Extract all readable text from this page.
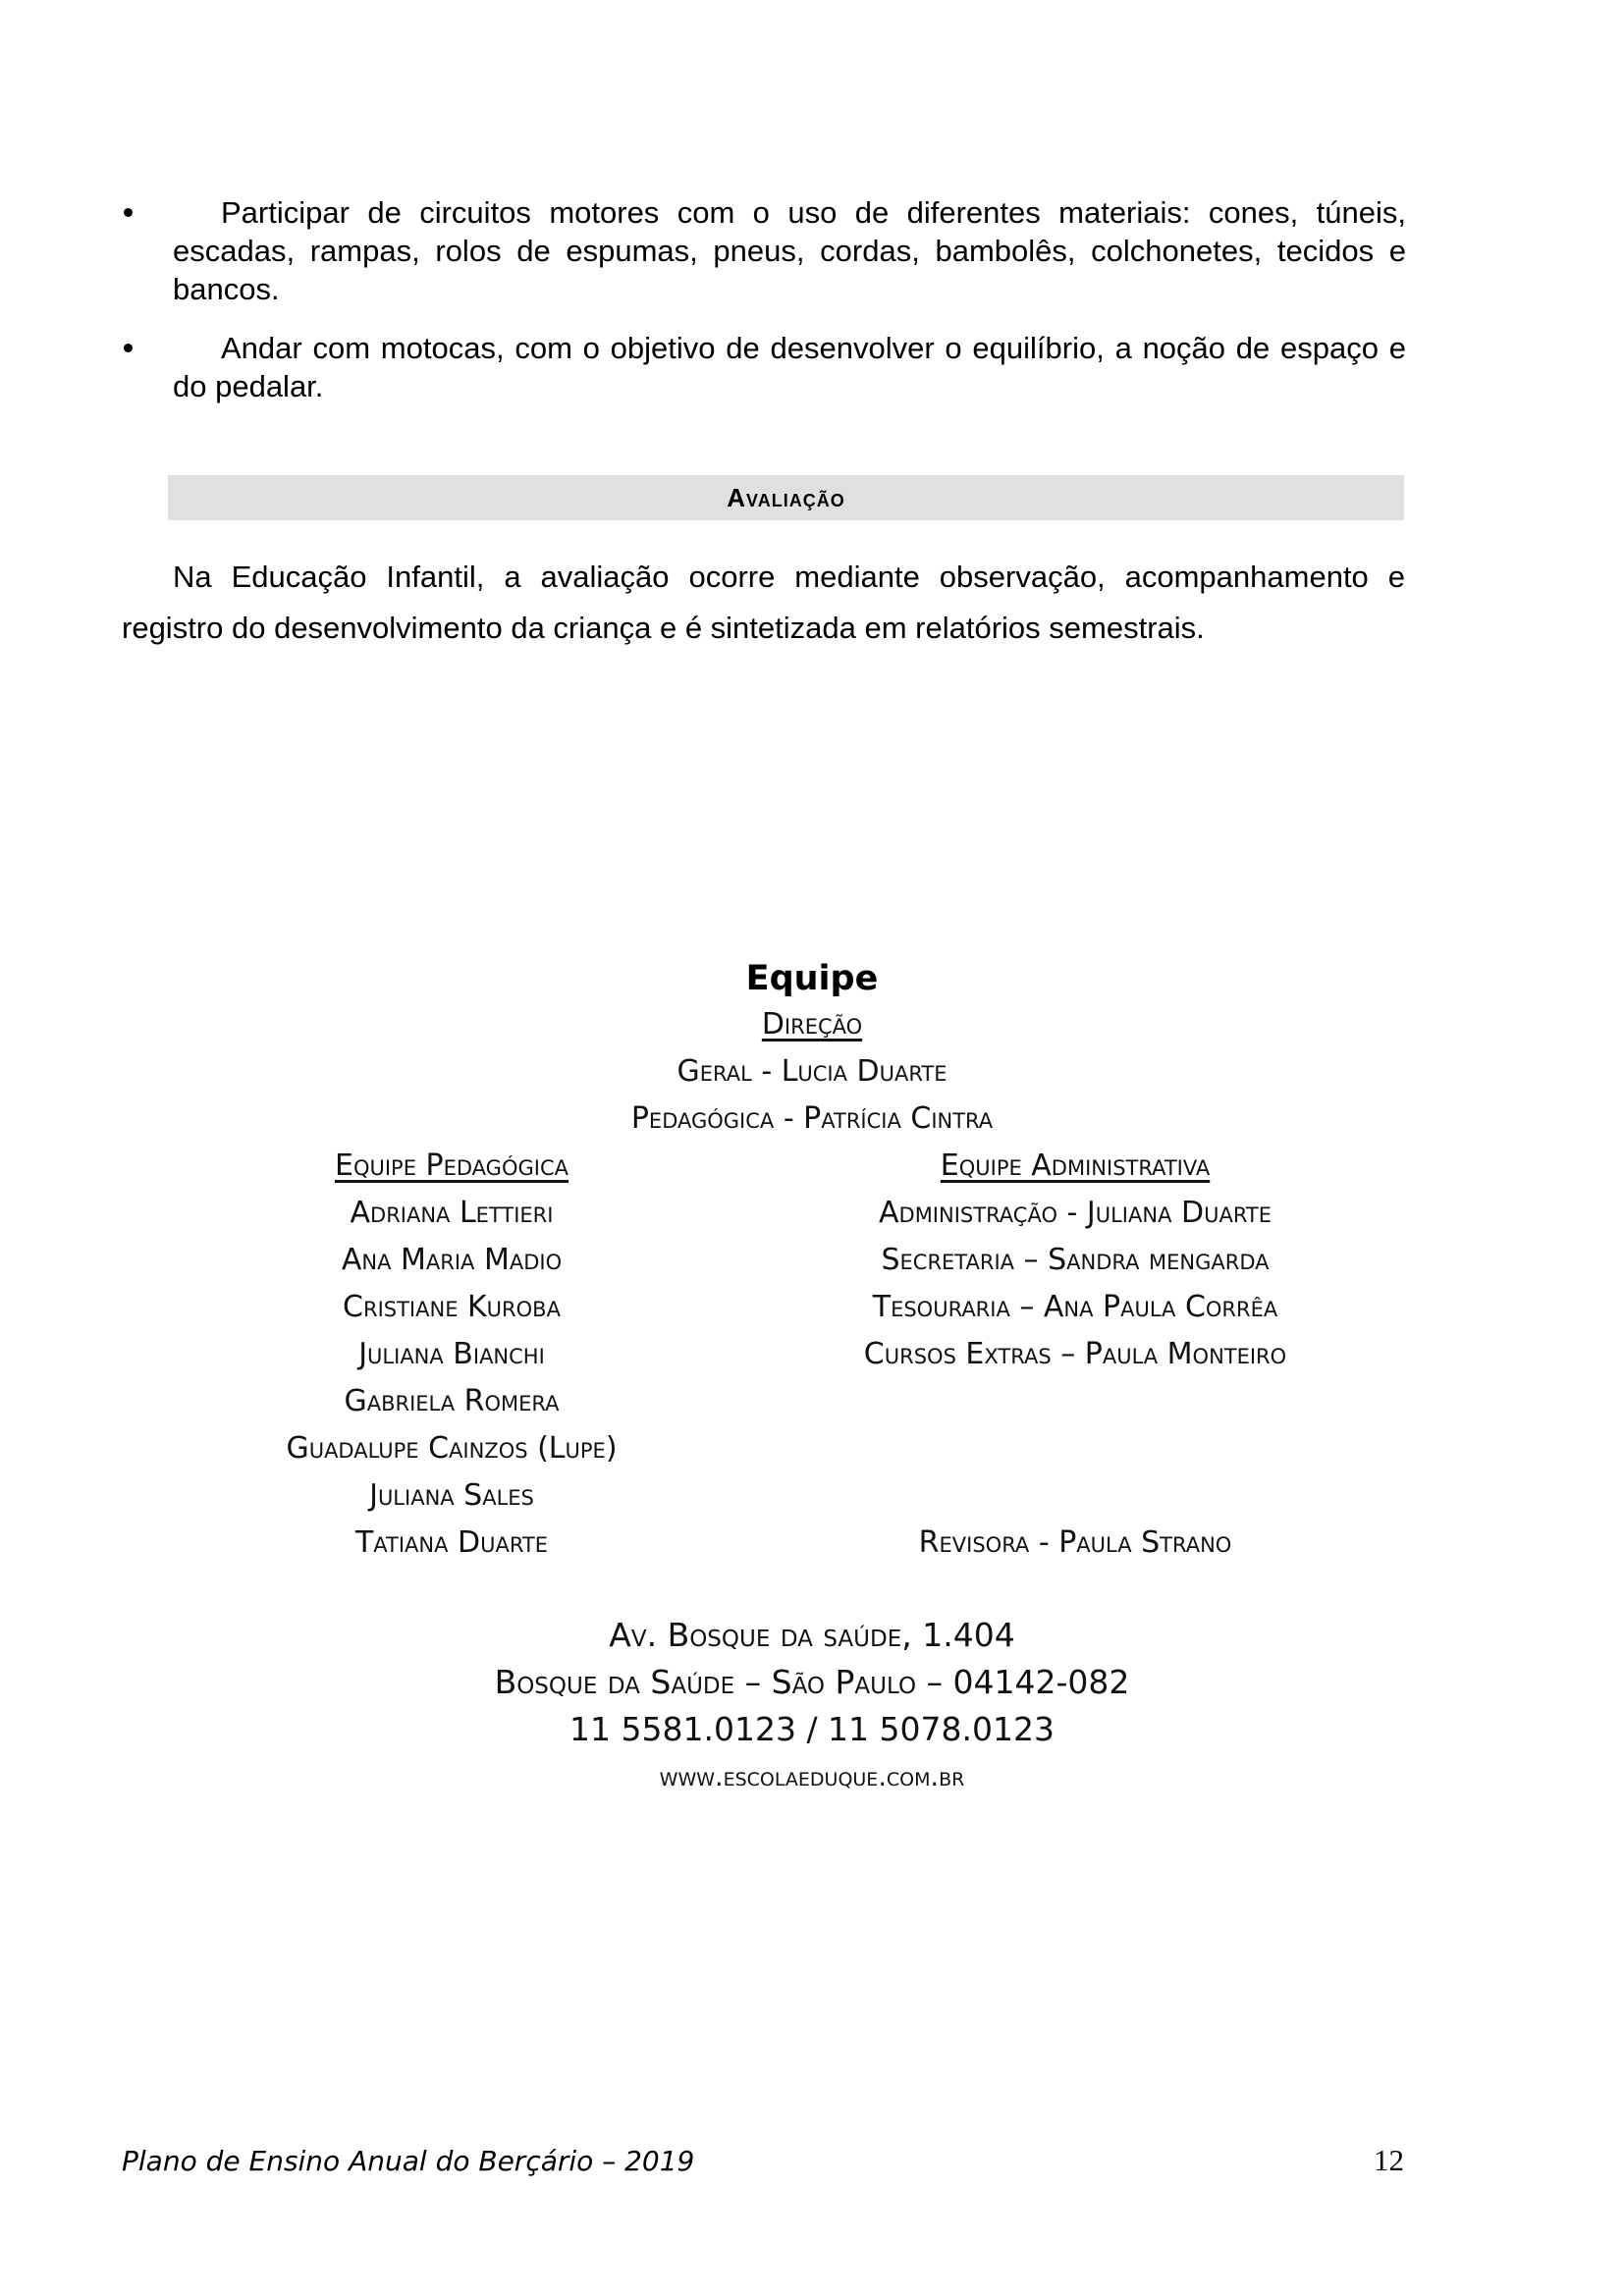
Participar de circuitos motores com o uso de diferentes materiais: cones, túneis, escadas, rampas, rolos de espumas, pneus, cordas, bambolês, colchonetes, tecidos e bancos.
Andar com motocas, com o objetivo de desenvolver o equilíbrio, a noção de espaço e do pedalar.
Avaliação
Na Educação Infantil, a avaliação ocorre mediante observação, acompanhamento e registro do desenvolvimento da criança e é sintetizada em relatórios semestrais.
Equipe
Direção
Geral - Lucia Duarte
Pedagógica - Patrícia Cintra
Equipe Pedagógica
Adriana Lettieri
Ana Maria Madio
Cristiane Kuroba
Juliana Bianchi
Gabriela Romera
Guadalupe Cainzos (Lupe)
Juliana Sales
Tatiana Duarte
Equipe Administrativa
Administração - Juliana Duarte
Secretaria – Sandra mengarda
Tesouraria – Ana Paula Corrêa
Cursos Extras – Paula Monteiro
Revisora - Paula Strano
Av. Bosque da saúde, 1.404
Bosque da Saúde – São Paulo – 04142-082
11 5581.0123 / 11 5078.0123
www.escolaeduque.com.br
Plano de Ensino Anual do Berçário – 2019	12
